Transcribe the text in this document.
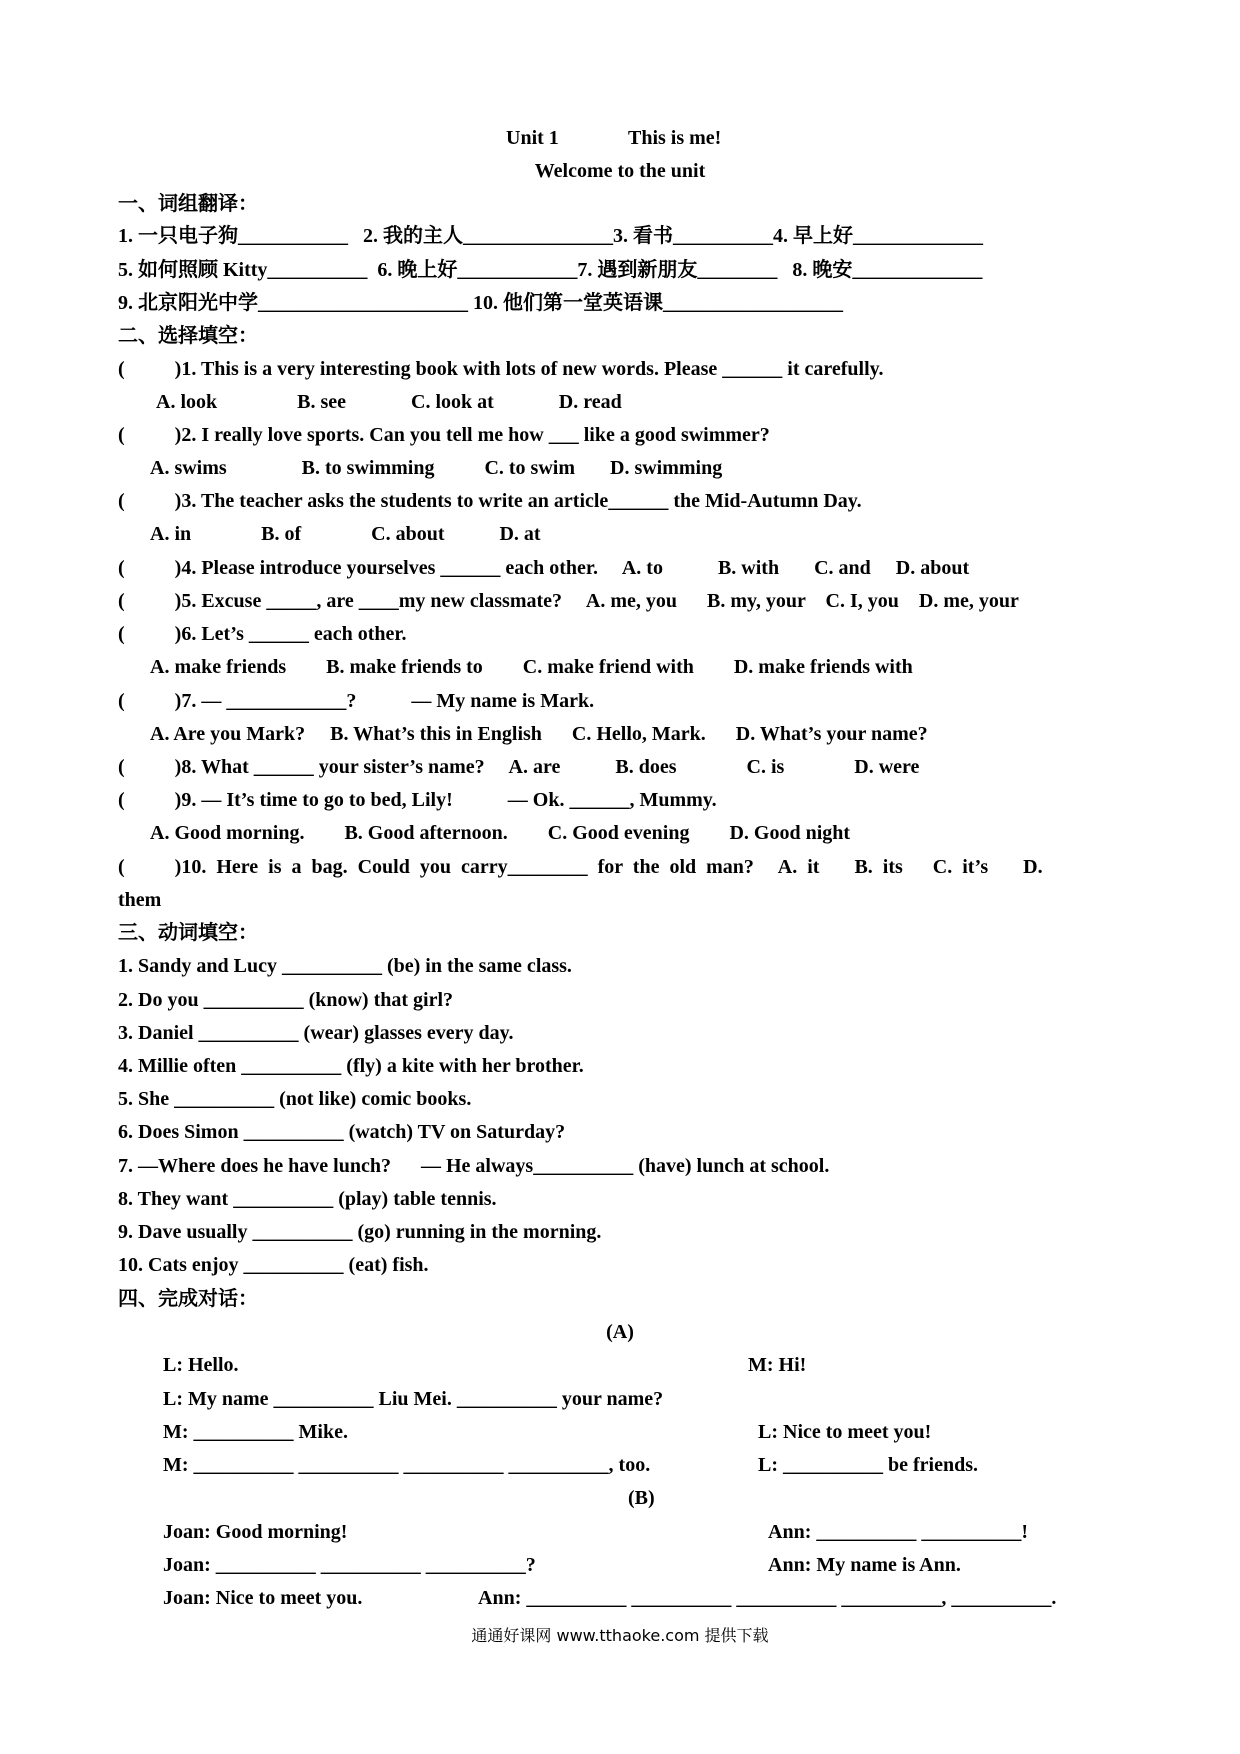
Unit 1	This is me!
Welcome to the unit
一、词组翻译：
1. 一只电子狗___________   2. 我的主人_______________3. 看书__________4. 早上好_____________
5. 如何照顾 Kitty__________  6. 晚上好____________7. 遇到新朋友________   8. 晚安_____________
9. 北京阳光中学_____________________ 10. 他们第一堂英语课__________________
二、选择填空：
(          )1. This is a very interesting book with lots of new words. Please ______ it carefully.
A. look                B. see             C. look at             D. read
(          )2. I really love sports. Can you tell me how ___ like a good swimmer?
A. swims               B. to swimming          C. to swim       D. swimming
(          )3. The teacher asks the students to write an article______ the Mid-Autumn Day.
A. in              B. of              C. about           D. at
(          )4. Please introduce yourselves ______ each other.     A. to           B. with       C. and     D. about
(          )5. Excuse _____, are ____my new classmate?     A. me, you      B. my, your    C. I, you    D. me, your
(          )6. Let’s ______ each other.
A. make friends        B. make friends to        C. make friend with        D. make friends with
(          )7. — ____________?           — My name is Mark.
A. Are you Mark?     B. What’s this in English      C. Hello, Mark.      D. What’s your name?
(          )8. What ______ your sister’s name?     A. are           B. does              C. is              D. were
(          )9. — It’s time to go to bed, Lily!           — Ok. ______, Mummy.
A. Good morning.        B. Good afternoon.        C. Good evening        D. Good night
(          )10.  Here  is  a  bag.  Could  you  carry________  for  the  old  man?     A.  it       B.  its      C.  it’s       D.
them
三、动词填空：
1. Sandy and Lucy __________ (be) in the same class.
2. Do you __________ (know) that girl?
3. Daniel __________ (wear) glasses every day.
4. Millie often __________ (fly) a kite with her brother.
5. She __________ (not like) comic books.
6. Does Simon __________ (watch) TV on Saturday?
7. —Where does he have lunch?      — He always__________ (have) lunch at school.
8. They want __________ (play) table tennis.
9. Dave usually __________ (go) running in the morning.
10. Cats enjoy __________ (eat) fish.
四、完成对话：
(A)
L: Hello.	M: Hi!
L: My name __________ Liu Mei. __________ your name?
M: __________ Mike.	L: Nice to meet you!
M: __________ __________ __________ __________, too.	L: __________ be friends.
(B)
Joan: Good morning!	Ann: __________ __________!
Joan: __________ __________ __________?	Ann: My name is Ann.
Joan: Nice to meet you.	Ann: __________ __________ __________ __________, __________.
通通好课网 www.tthaoke.com 提供下载
